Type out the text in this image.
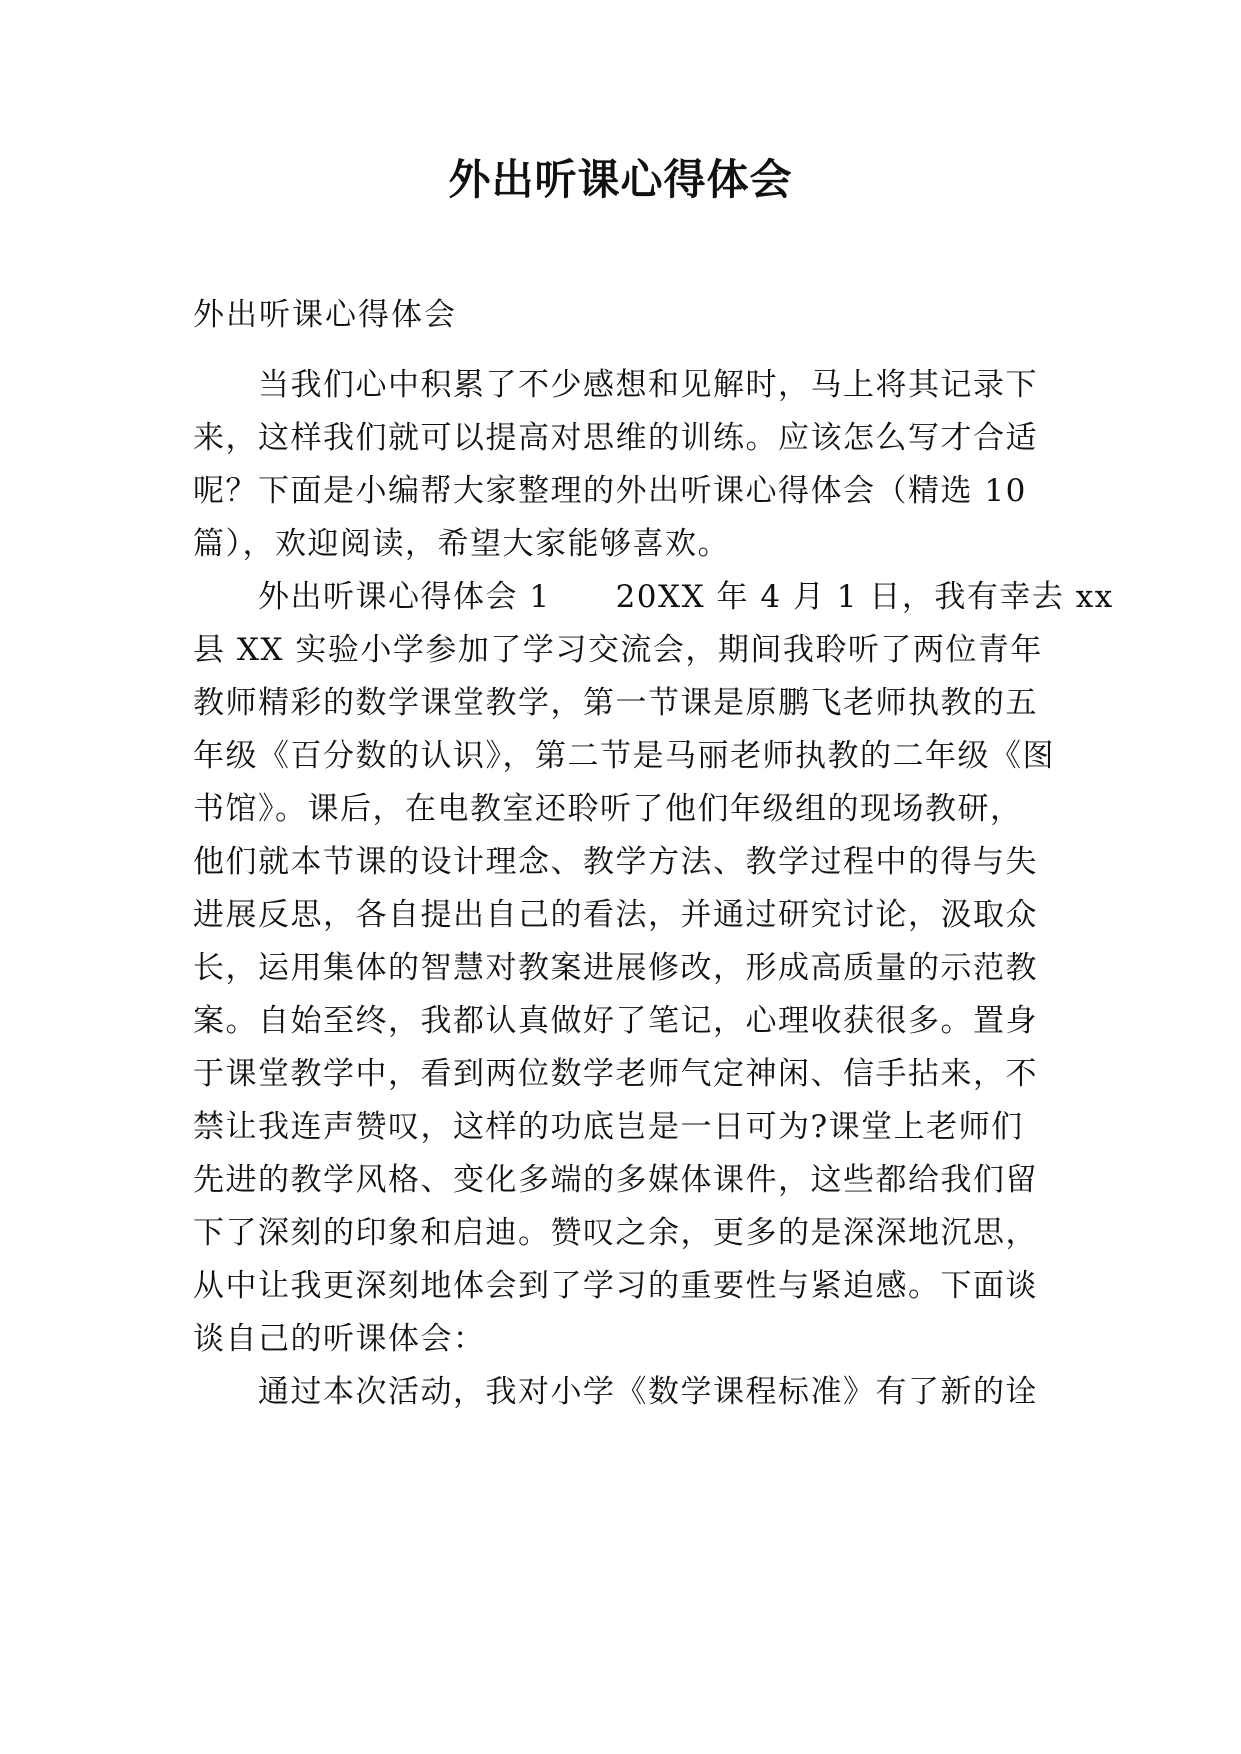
外出听课心得体会
外出听课心得体会
　　当我们心中积累了不少感想和见解时，马上将其记录下
来，这样我们就可以提高对思维的训练。应该怎么写才合适
呢？下面是小编帮大家整理的外出听课心得体会（精选 10
篇），欢迎阅读，希望大家能够喜欢。
　　外出听课心得体会 1　　20XX 年 4 月 1 日，我有幸去 xx
县 XX 实验小学参加了学习交流会，期间我聆听了两位青年
教师精彩的数学课堂教学，第一节课是原鹏飞老师执教的五
年级《百分数的认识》，第二节是马丽老师执教的二年级《图
书馆》。课后，在电教室还聆听了他们年级组的现场教研，
他们就本节课的设计理念、教学方法、教学过程中的得与失
进展反思，各自提出自己的看法，并通过研究讨论，汲取众
长，运用集体的智慧对教案进展修改，形成高质量的示范教
案。自始至终，我都认真做好了笔记，心理收获很多。置身
于课堂教学中，看到两位数学老师气定神闲、信手拈来，不
禁让我连声赞叹，这样的功底岂是一日可为?课堂上老师们
先进的教学风格、变化多端的多媒体课件，这些都给我们留
下了深刻的印象和启迪。赞叹之余，更多的是深深地沉思，
从中让我更深刻地体会到了学习的重要性与紧迫感。下面谈
谈自己的听课体会：
　　通过本次活动，我对小学《数学课程标准》有了新的诠
